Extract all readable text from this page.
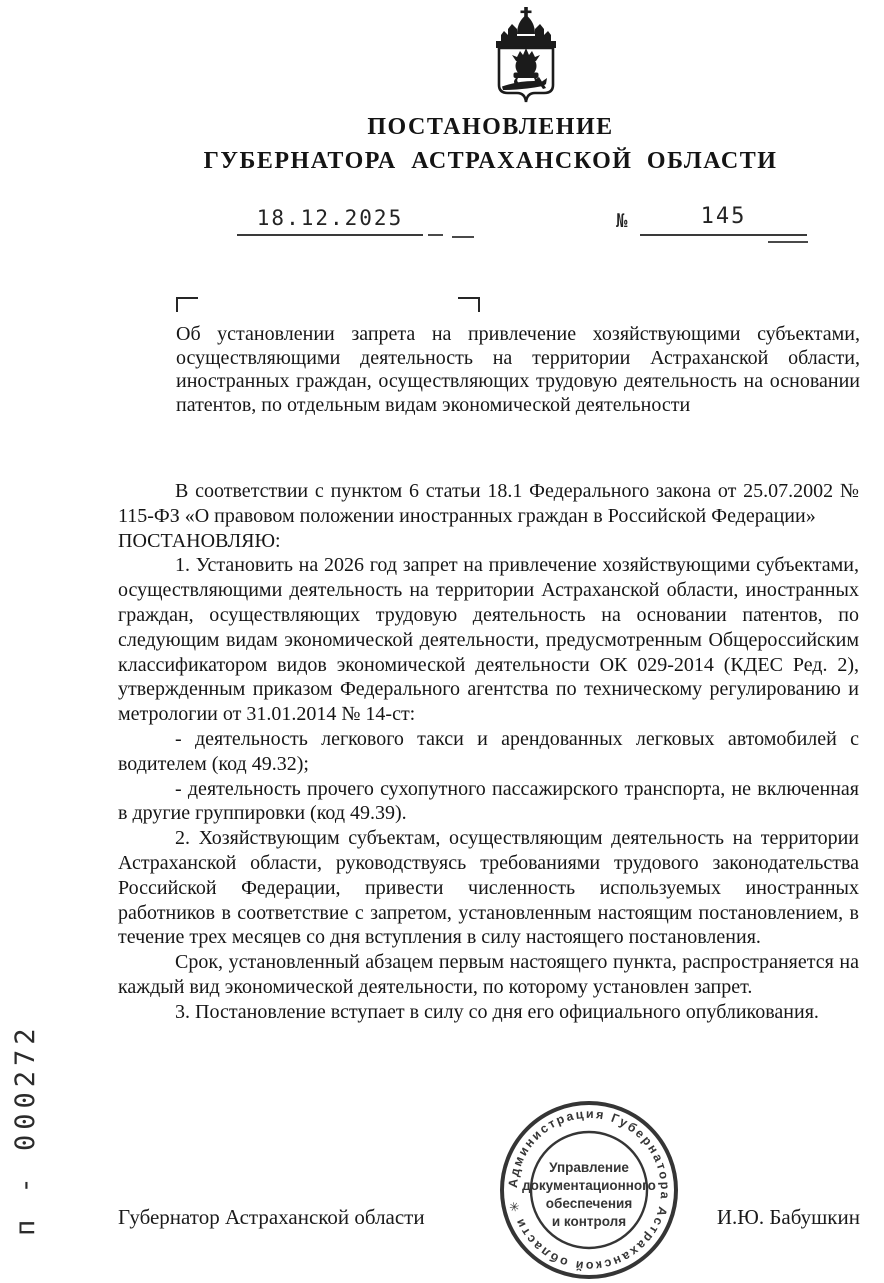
ПОСТАНОВЛЕНИЕ
ГУБЕРНАТОРА АСТРАХАНСКОЙ ОБЛАСТИ
18.12.2025	№	145

Об установлении запрета на привлечение хозяйствующими субъектами, осуществляющими деятельность на территории Астраханской области, иностранных граждан, осуществляющих трудовую деятельность на основании патентов, по отдельным видам экономической деятельности

В соответствии с пунктом 6 статьи 18.1 Федерального закона от 25.07.2002 № 115-ФЗ «О правовом положении иностранных граждан в Российской Федерации»

ПОСТАНОВЛЯЮ:

1. Установить на 2026 год запрет на привлечение хозяйствующими субъектами, осуществляющими деятельность на территории Астраханской области, иностранных граждан, осуществляющих трудовую деятельность на основании патентов, по следующим видам экономической деятельности, предусмотренным Общероссийским классификатором видов экономической деятельности ОК 029-2014 (КДЕС Ред. 2), утвержденным приказом Федерального агентства по техническому регулированию и метрологии от 31.01.2014 № 14-ст:

- деятельность легкового такси и арендованных легковых автомобилей с водителем (код 49.32);

- деятельность прочего сухопутного пассажирского транспорта, не включенная в другие группировки (код 49.39).

2. Хозяйствующим субъектам, осуществляющим деятельность на территории Астраханской области, руководствуясь требованиями трудового законодательства Российской Федерации, привести численность используемых иностранных работников в соответствие с запретом, установленным настоящим постановлением, в течение трех месяцев со дня вступления в силу настоящего постановления.

Срок, установленный абзацем первым настоящего пункта, распространяется на каждый вид экономической деятельности, по которому установлен запрет.

3. Постановление вступает в силу со дня его официального опубликования.

Губернатор Астраханской области	И.Ю. Бабушкин
Администрация Губернатора Астраханской области ✳
Управление
документационного
обеспечения
и контроля
п - 000272
